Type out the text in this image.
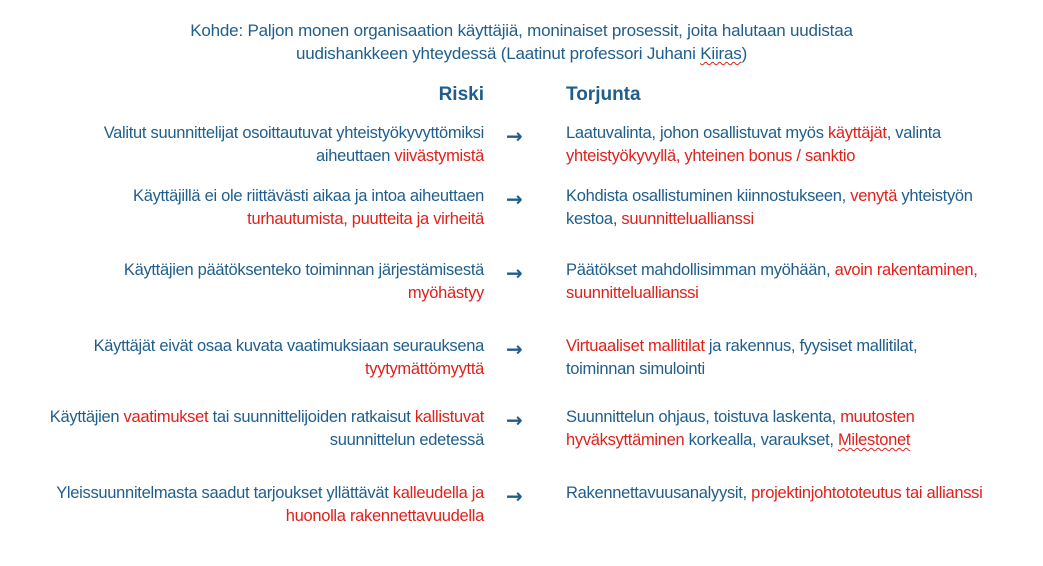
Kohde: Paljon monen organisaation käyttäjiä, moninaiset prosessit, joita halutaan uudistaa
uudishankkeen yhteydessä (Laatinut professori Juhani Kiiras)
Riski	Torjunta
Valitut suunnittelijat osoittautuvat yhteistyökyvyttömiksi
aiheuttaen viivästymistä
→	Laatuvalinta, johon osallistuvat myös käyttäjät, valinta
yhteistyökyvyllä, yhteinen bonus / sanktio
Käyttäjillä ei ole riittävästi aikaa ja intoa aiheuttaen
turhautumista, puutteita ja virheitä
→	Kohdista osallistuminen kiinnostukseen, venytä yhteistyön
kestoa, suunnitteluallianssi
Käyttäjien päätöksenteko toiminnan järjestämisestä
myöhästyy
→	Päätökset mahdollisimman myöhään, avoin rakentaminen,
suunnitteluallianssi
Käyttäjät eivät osaa kuvata vaatimuksiaan seurauksena
tyytymättömyyttä
→	Virtuaaliset mallitilat ja rakennus, fyysiset mallitilat,
toiminnan simulointi
Käyttäjien vaatimukset tai suunnittelijoiden ratkaisut kallistuvat
suunnittelun edetessä
→	Suunnittelun ohjaus, toistuva laskenta, muutosten
hyväksyttäminen korkealla, varaukset, Milestonet
Yleissuunnitelmasta saadut tarjoukset yllättävät kalleudella ja
huonolla rakennettavuudella
→	Rakennettavuusanalyysit, projektinjohtototeutus tai allianssi
